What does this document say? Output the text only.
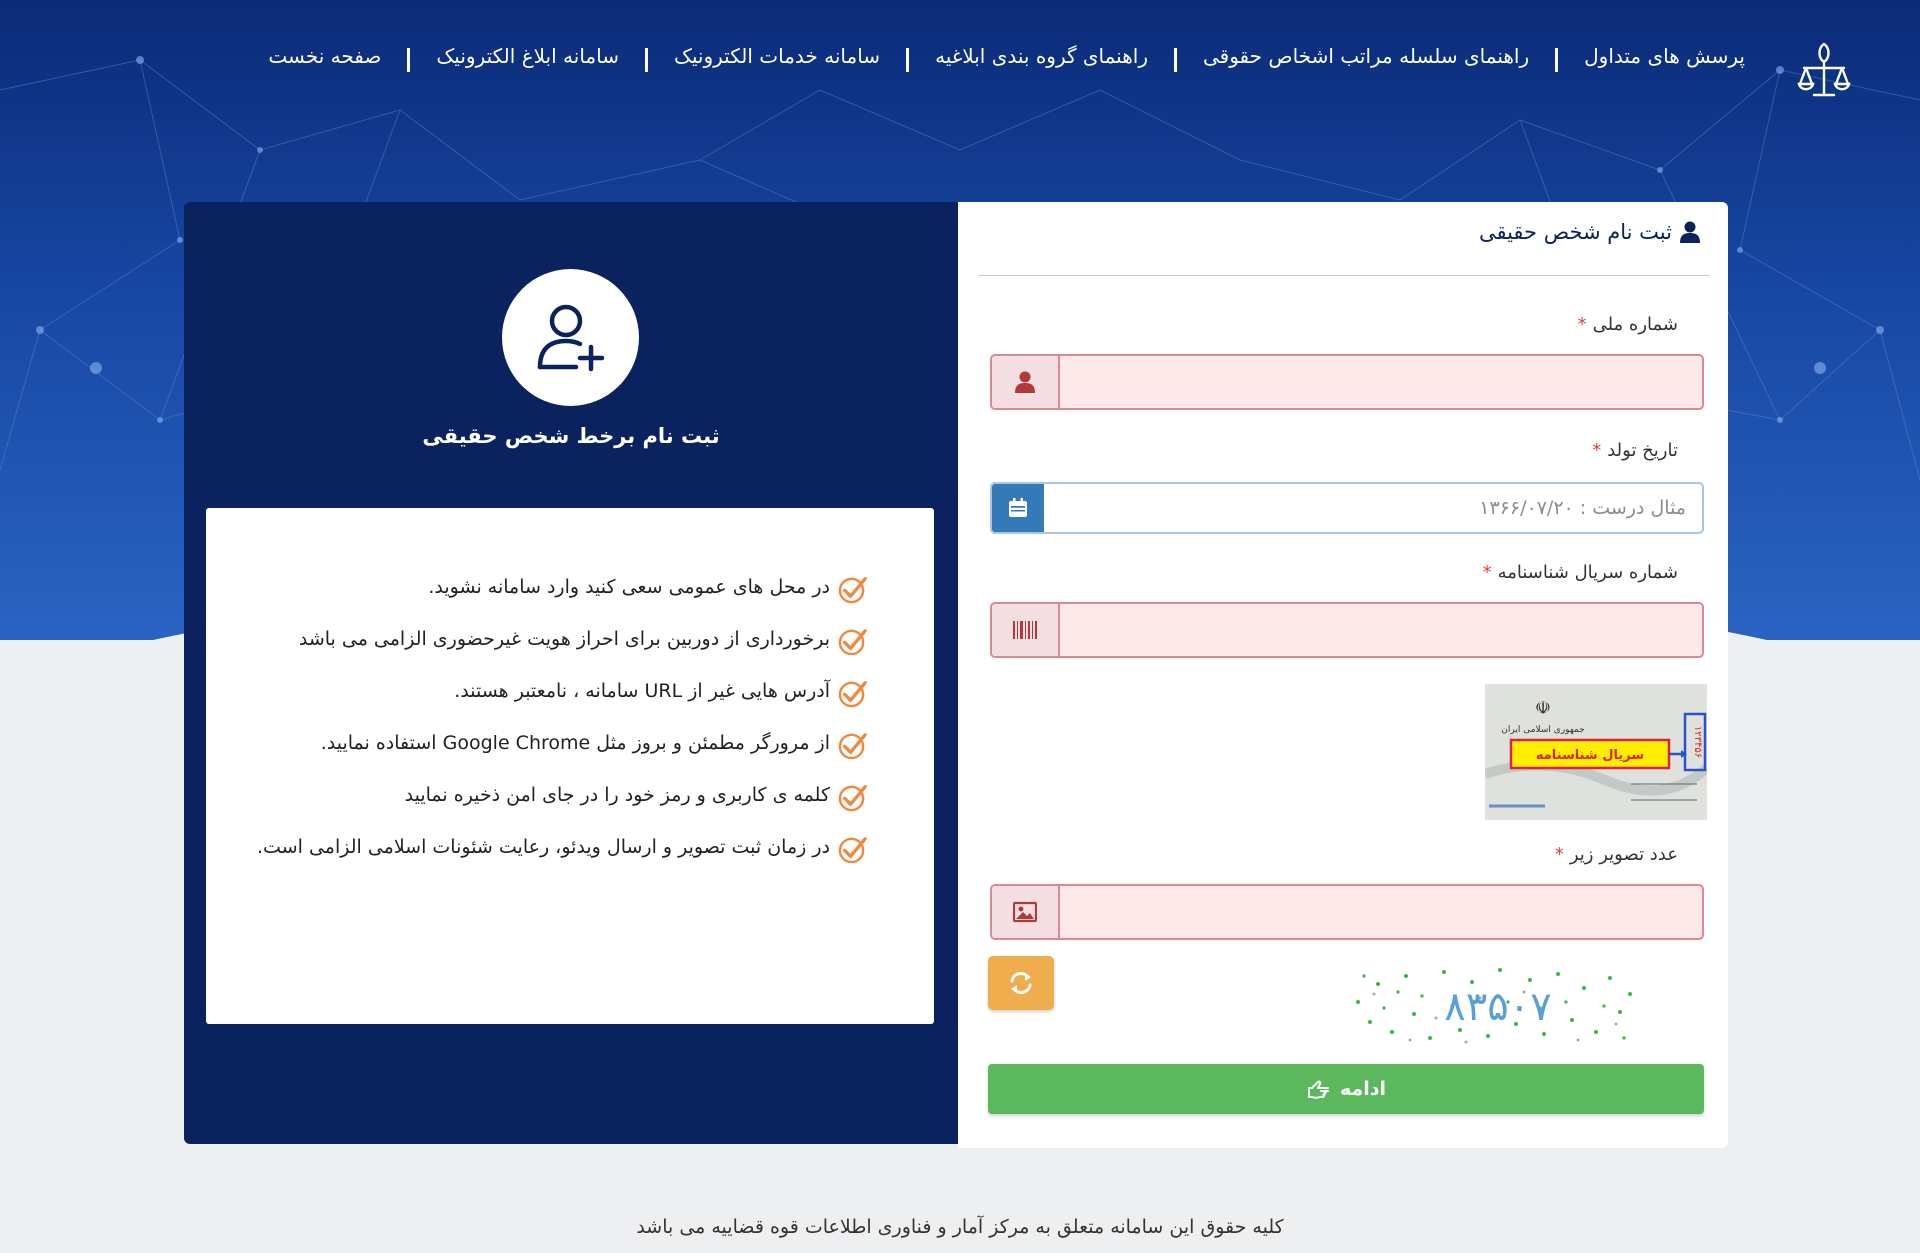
صفحه نخست	سامانه ابلاغ الکترونیک	سامانه خدمات الکترونیک	راهنمای گروه بندی ابلاغیه	راهنمای سلسله مراتب اشخاص حقوقی	پرسش های متداول
ثبت نام برخط شخص حقیقی
در محل های عمومی سعی کنید وارد سامانه نشوید.
برخورداری از دوربین برای احراز هویت غیرحضوری الزامی می باشد
آدرس هایی غیر از URL سامانه ، نامعتبر هستند.
از مرورگر مطمئن و بروز مثل Google Chrome استفاده نمایید.
کلمه ی کاربری و رمز خود را در جای امن ذخیره نمایید
در زمان ثبت تصویر و ارسال ویدئو، رعایت شئونات اسلامی الزامی است.
ثبت نام شخص حقیقی
شماره ملی*
تاریخ تولد*
مثال درست : ۱۳۶۶/۰۷/۲۰
شماره سریال شناسنامه*
☫
جمهوری اسلامی ایران
سریال شناسنامه	۱۲۳۴۵۶
عدد تصویر زیر*
۸۳۵۰۷
ادامه
کلیه حقوق این سامانه متعلق به مرکز آمار و فناوری اطلاعات قوه قضاییه می باشد
